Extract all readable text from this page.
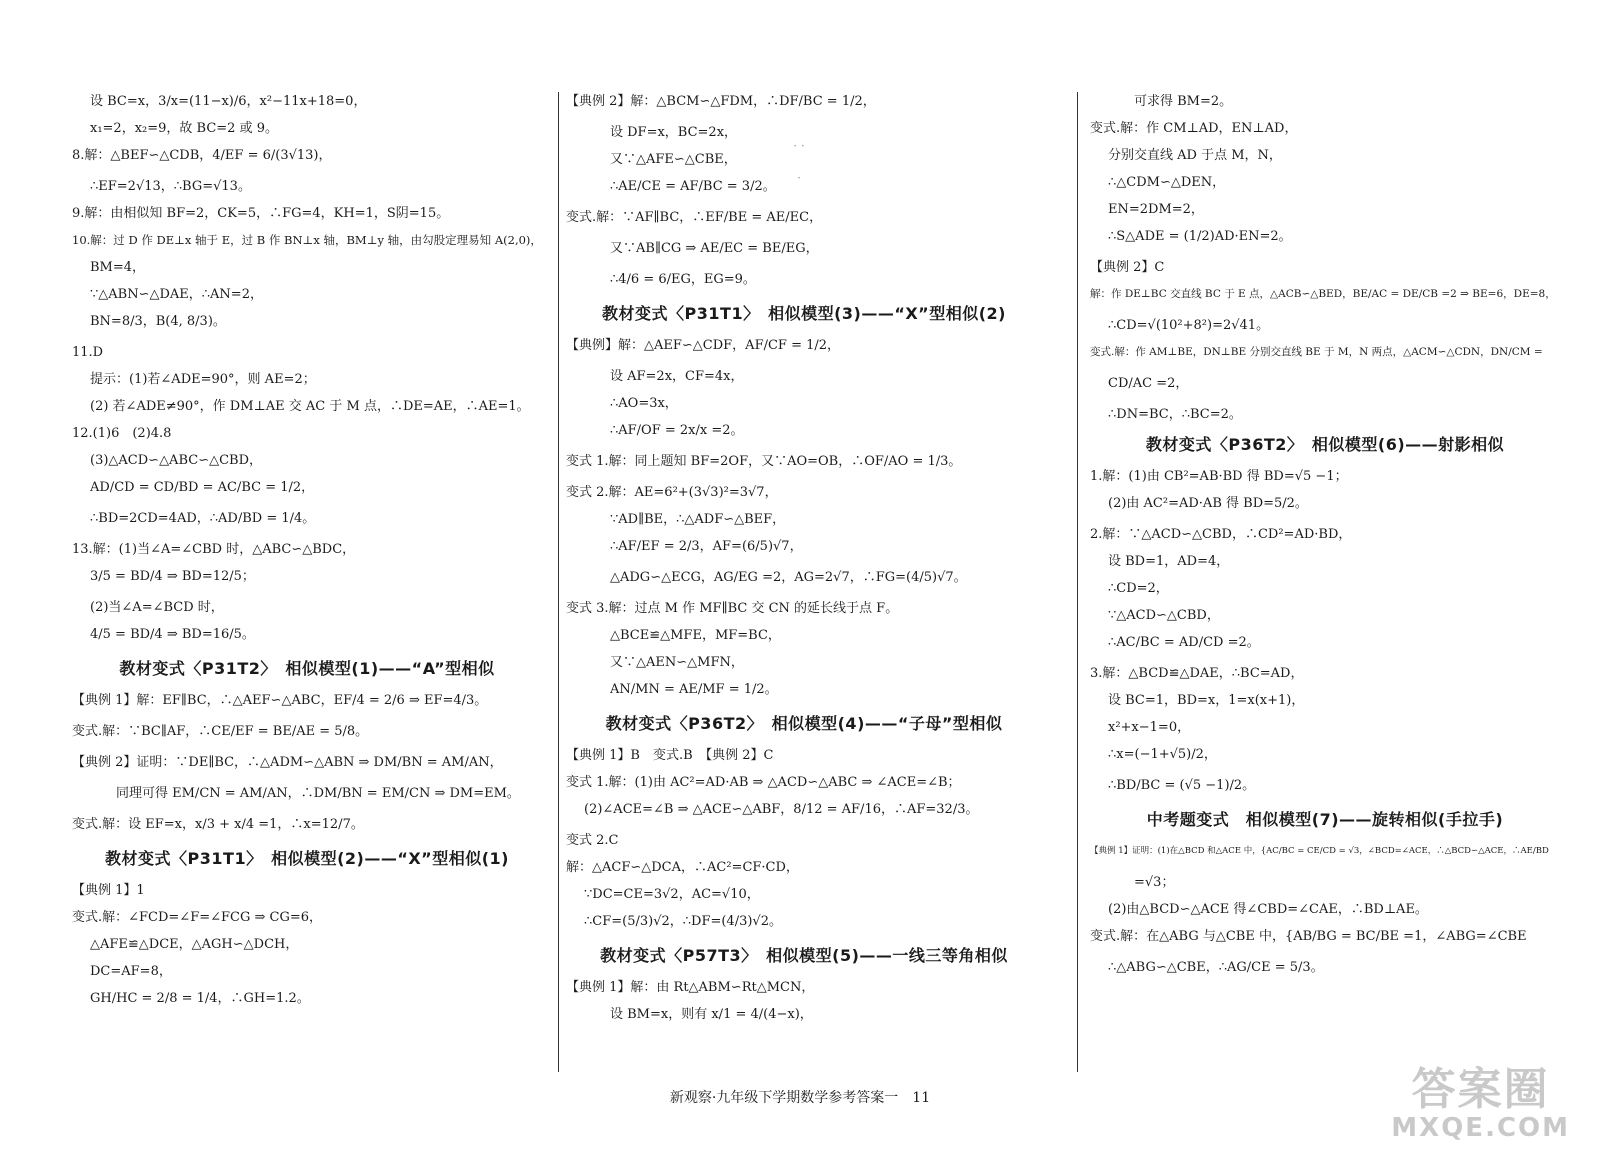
设 BC=x，3/x=(11−x)/6，x²−11x+18=0，
x₁=2，x₂=9，故 BC=2 或 9。
8.解：△BEF∽△CDB，4/EF = 6/(3√13)，
∴EF=2√13，∴BG=√13。
9.解：由相似知 BF=2，CK=5，∴FG=4，KH=1，S阴=15。
10.解：过 D 作 DE⊥x 轴于 E，过 B 作 BN⊥x 轴，BM⊥y 轴，由勾股定理易知 A(2,0)，
BM=4，
∵△ABN∽△DAE，∴AN=2，
BN=8/3，B(4, 8/3)。
11.D
提示：(1)若∠ADE=90°，则 AE=2；
(2) 若∠ADE≠90°，作 DM⊥AE 交 AC 于 M 点，∴DE=AE，∴AE=1。
12.(1)6　(2)4.8
(3)△ACD∽△ABC∽△CBD，
AD/CD = CD/BD = AC/BC = 1/2，
∴BD=2CD=4AD，∴AD/BD = 1/4。
13.解：(1)当∠A=∠CBD 时，△ABC∽△BDC，
3/5 = BD/4 ⇒ BD=12/5；
(2)当∠A=∠BCD 时，
4/5 = BD/4 ⇒ BD=16/5。
教材变式〈P31T2〉　相似模型(1)——“A”型相似
【典例 1】解：EF∥BC，∴△AEF∽△ABC，EF/4 = 2/6 ⇒ EF=4/3。
变式.解：∵BC∥AF，∴CE/EF = BE/AE = 5/8。
【典例 2】证明：∵DE∥BC，∴△ADM∽△ABN ⇒ DM/BN = AM/AN，
同理可得 EM/CN = AM/AN，∴DM/BN = EM/CN ⇒ DM=EM。
变式.解：设 EF=x，x/3 + x/4 =1，∴x=12/7。
教材变式〈P31T1〉　相似模型(2)——“X”型相似(1)
【典例 1】1
变式.解：∠FCD=∠F=∠FCG ⇒ CG=6，
△AFE≌△DCE，△AGH∽△DCH，
DC=AF=8，
GH/HC = 2/8 = 1/4，∴GH=1.2。
【典例 2】解：△BCM∽△FDM，∴DF/BC = 1/2，
设 DF=x，BC=2x，
又∵△AFE∽△CBE，
∴AE/CE = AF/BC = 3/2。
变式.解：∵AF∥BC，∴EF/BE = AE/EC，
又∵AB∥CG ⇒ AE/EC = BE/EG，
∴4/6 = 6/EG，EG=9。
教材变式〈P31T1〉　相似模型(3)——“X”型相似(2)
【典例】解：△AEF∽△CDF，AF/CF = 1/2，
设 AF=2x，CF=4x，
∴AO=3x，
∴AF/OF = 2x/x =2。
变式 1.解：同上题知 BF=2OF，又∵AO=OB，∴OF/AO = 1/3。
变式 2.解：AE=6²+(3√3)²=3√7，
∵AD∥BE，∴△ADF∽△BEF，
∴AF/EF = 2/3，AF=(6/5)√7，
△ADG∽△ECG，AG/EG =2，AG=2√7，∴FG=(4/5)√7。
变式 3.解：过点 M 作 MF∥BC 交 CN 的延长线于点 F。
△BCE≌△MFE，MF=BC，
又∵△AEN∽△MFN，
AN/MN = AE/MF = 1/2。
教材变式〈P36T2〉　相似模型(4)——“子母”型相似
【典例 1】B　变式.B　【典例 2】C
变式 1.解：(1)由 AC²=AD·AB ⇒ △ACD∽△ABC ⇒ ∠ACE=∠B；
(2)∠ACE=∠B ⇒ △ACE∽△ABF，8/12 = AF/16，∴AF=32/3。
变式 2.C
解：△ACF∽△DCA，∴AC²=CF·CD，
∵DC=CE=3√2，AC=√10，
∴CF=(5/3)√2，∴DF=(4/3)√2。
教材变式〈P57T3〉　相似模型(5)——一线三等角相似
【典例 1】解：由 Rt△ABM∽Rt△MCN，
设 BM=x，则有 x/1 = 4/(4−x)，
可求得 BM=2。
变式.解：作 CM⊥AD，EN⊥AD，
分别交直线 AD 于点 M，N，
∴△CDM∽△DEN，
EN=2DM=2，
∴S△ADE = (1/2)AD·EN=2。
【典例 2】C
解：作 DE⊥BC 交直线 BC 于 E 点，△ACB∽△BED，BE/AC = DE/CB =2 ⇒ BE=6，DE=8，
∴CD=√(10²+8²)=2√41。
变式.解：作 AM⊥BE，DN⊥BE 分别交直线 BE 于 M，N 两点，△ACM∽△CDN，DN/CM =
CD/AC =2，
∴DN=BC，∴BC=2。
教材变式〈P36T2〉　相似模型(6)——射影相似
1.解：(1)由 CB²=AB·BD 得 BD=√5 −1；
(2)由 AC²=AD·AB 得 BD=5/2。
2.解：∵△ACD∽△CBD，∴CD²=AD·BD，
设 BD=1，AD=4，
∴CD=2，
∵△ACD∽△CBD，
∴AC/BC = AD/CD =2。
3.解：△BCD≌△DAE，∴BC=AD，
设 BC=1，BD=x，1=x(x+1)，
x²+x−1=0，
∴x=(−1+√5)/2，
∴BD/BC = (√5 −1)/2。
中考题变式　相似模型(7)——旋转相似(手拉手)
【典例 1】证明：(1)在△BCD 和△ACE 中，{AC/BC = CE/CD = √3，∠BCD=∠ACE，∴△BCD∽△ACE，∴AE/BD
=√3；
(2)由△BCD∽△ACE 得∠CBD=∠CAE，∴BD⊥AE。
变式.解：在△ABG 与△CBE 中，{AB/BG = BC/BE =1，∠ABG=∠CBE
∴△ABG∽△CBE，∴AG/CE = 5/3。
· · ·
新观察·九年级下学期数学参考答案一　11	答案圈
MXQE.COM
